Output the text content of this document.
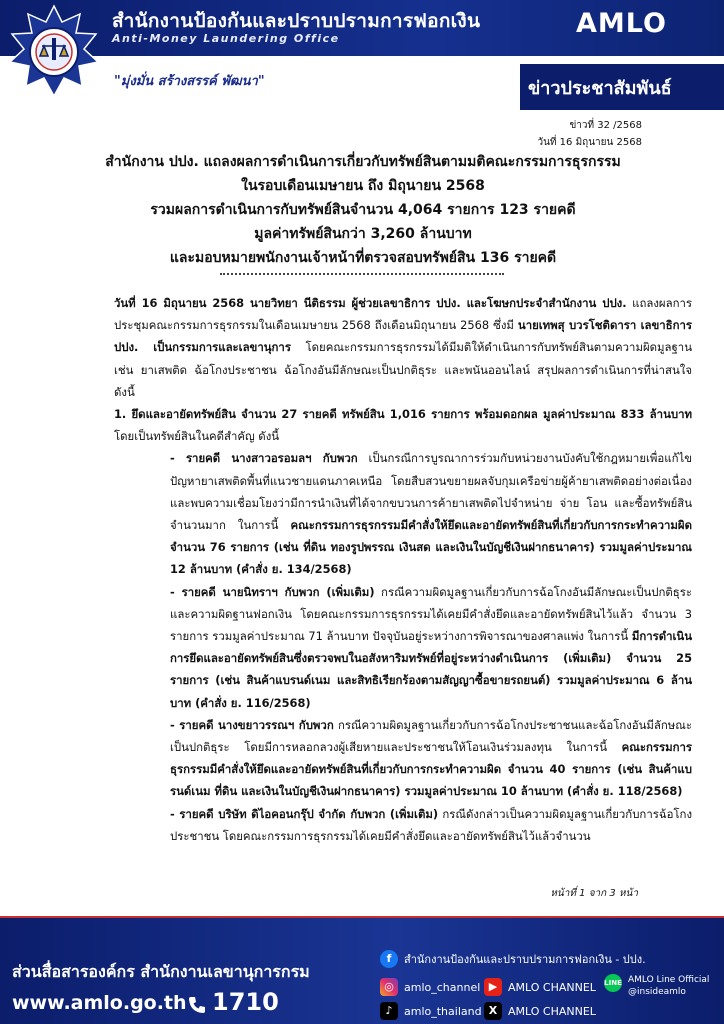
สำนักงานป้องกันและปราบปรามการฟอกเงิน
Anti-Money Laundering Office	AMLO
"มุ่งมั่น สร้างสรรค์ พัฒนา"	ข่าวประชาสัมพันธ์
ข่าวที่ 32 /2568
วันที่ 16 มิถุนายน 2568
สำนักงาน ปปง. แถลงผลการดำเนินการเกี่ยวกับทรัพย์สินตามมติคณะกรรมการธุรกรรม
ในรอบเดือนเมษายน ถึง มิถุนายน 2568
รวมผลการดำเนินการกับทรัพย์สินจำนวน 4,064 รายการ 123 รายคดี
มูลค่าทรัพย์สินกว่า 3,260 ล้านบาท
และมอบหมายพนักงานเจ้าหน้าที่ตรวจสอบทรัพย์สิน 136 รายคดี

วันที่ 16 มิถุนายน 2568 นายวิทยา นีติธรรม ผู้ช่วยเลขาธิการ ปปง. และโฆษกประจำสำนักงาน ปปง. แถลงผลการประชุมคณะกรรมการธุรกรรมในเดือนเมษายน 2568 ถึงเดือนมิถุนายน 2568 ซึ่งมี นายเทพสุ บวรโชติดารา เลขาธิการ ปปง. เป็นกรรมการและเลขานุการ โดยคณะกรรมการธุรกรรมได้มีมติให้ดำเนินการกับทรัพย์สินตามความผิดมูลฐาน เช่น ยาเสพติด ฉ้อโกงประชาชน ฉ้อโกงอันมีลักษณะเป็นปกติธุระ และพนันออนไลน์ สรุปผลการดำเนินการที่น่าสนใจดังนี้

1. ยึดและอายัดทรัพย์สิน จำนวน 27 รายคดี ทรัพย์สิน 1,016 รายการ พร้อมดอกผล มูลค่าประมาณ 833 ล้านบาท โดยเป็นทรัพย์สินในคดีสำคัญ ดังนี้

- รายคดี นางสาวอรอมลฯ กับพวก เป็นกรณีการบูรณาการร่วมกับหน่วยงานบังคับใช้กฎหมายเพื่อแก้ไขปัญหายาเสพติดพื้นที่แนวชายแดนภาคเหนือ โดยสืบสวนขยายผลจับกุมเครือข่ายผู้ค้ายาเสพติดอย่างต่อเนื่อง และพบความเชื่อมโยงว่ามีการนำเงินที่ได้จากขบวนการค้ายาเสพติดไปจำหน่าย จ่าย โอน และซื้อทรัพย์สินจำนวนมาก ในการนี้ คณะกรรมการธุรกรรมมีคำสั่งให้ยึดและอายัดทรัพย์สินที่เกี่ยวกับการกระทำความผิด จำนวน 76 รายการ (เช่น ที่ดิน ทองรูปพรรณ เงินสด และเงินในบัญชีเงินฝากธนาคาร) รวมมูลค่าประมาณ 12 ล้านบาท (คำสั่ง ย. 134/2568)

- รายคดี นายนิทราฯ กับพวก (เพิ่มเติม) กรณีความผิดมูลฐานเกี่ยวกับการฉ้อโกงอันมีลักษณะเป็นปกติธุระ และความผิดฐานฟอกเงิน โดยคณะกรรมการธุรกรรมได้เคยมีคำสั่งยึดและอายัดทรัพย์สินไว้แล้ว จำนวน 3 รายการ รวมมูลค่าประมาณ 71 ล้านบาท ปัจจุบันอยู่ระหว่างการพิจารณาของศาลแพ่ง ในการนี้ มีการดำเนินการยึดและอายัดทรัพย์สินซึ่งตรวจพบในอสังหาริมทรัพย์ที่อยู่ระหว่างดำเนินการ (เพิ่มเติม) จำนวน 25 รายการ (เช่น สินค้าแบรนด์เนม และสิทธิเรียกร้องตามสัญญาซื้อขายรถยนต์) รวมมูลค่าประมาณ 6 ล้านบาท (คำสั่ง ย. 116/2568)

- รายคดี นางขยาวรรณฯ กับพวก กรณีความผิดมูลฐานเกี่ยวกับการฉ้อโกงประชาชนและฉ้อโกงอันมีลักษณะเป็นปกติธุระ โดยมีการหลอกลวงผู้เสียหายและประชาชนให้โอนเงินร่วมลงทุน ในการนี้ คณะกรรมการธุรกรรมมีคำสั่งให้ยึดและอายัดทรัพย์สินที่เกี่ยวกับการกระทำความผิด จำนวน 40 รายการ (เช่น สินค้าแบรนด์เนม ที่ดิน และเงินในบัญชีเงินฝากธนาคาร) รวมมูลค่าประมาณ 10 ล้านบาท (คำสั่ง ย. 118/2568)

- รายคดี บริษัท ดิไอคอนกรุ๊ป จำกัด กับพวก (เพิ่มเติม) กรณีดังกล่าวเป็นความผิดมูลฐานเกี่ยวกับการฉ้อโกงประชาชน โดยคณะกรรมการธุรกรรมได้เคยมีคำสั่งยึดและอายัดทรัพย์สินไว้แล้วจำนวน

หน้าที่ 1 จาก 3 หน้า
ส่วนสื่อสารองค์กร สำนักงานเลขานุการกรม
www.amlo.go.th 1710
f	สำนักงานป้องกันและปราบปรามการฟอกเงิน - ปปง.
◎ amlo_channel ▶ AMLO CHANNEL LINE AMLO Line Official
@insideamlo
♪	amlo_thailand X AMLO CHANNEL
